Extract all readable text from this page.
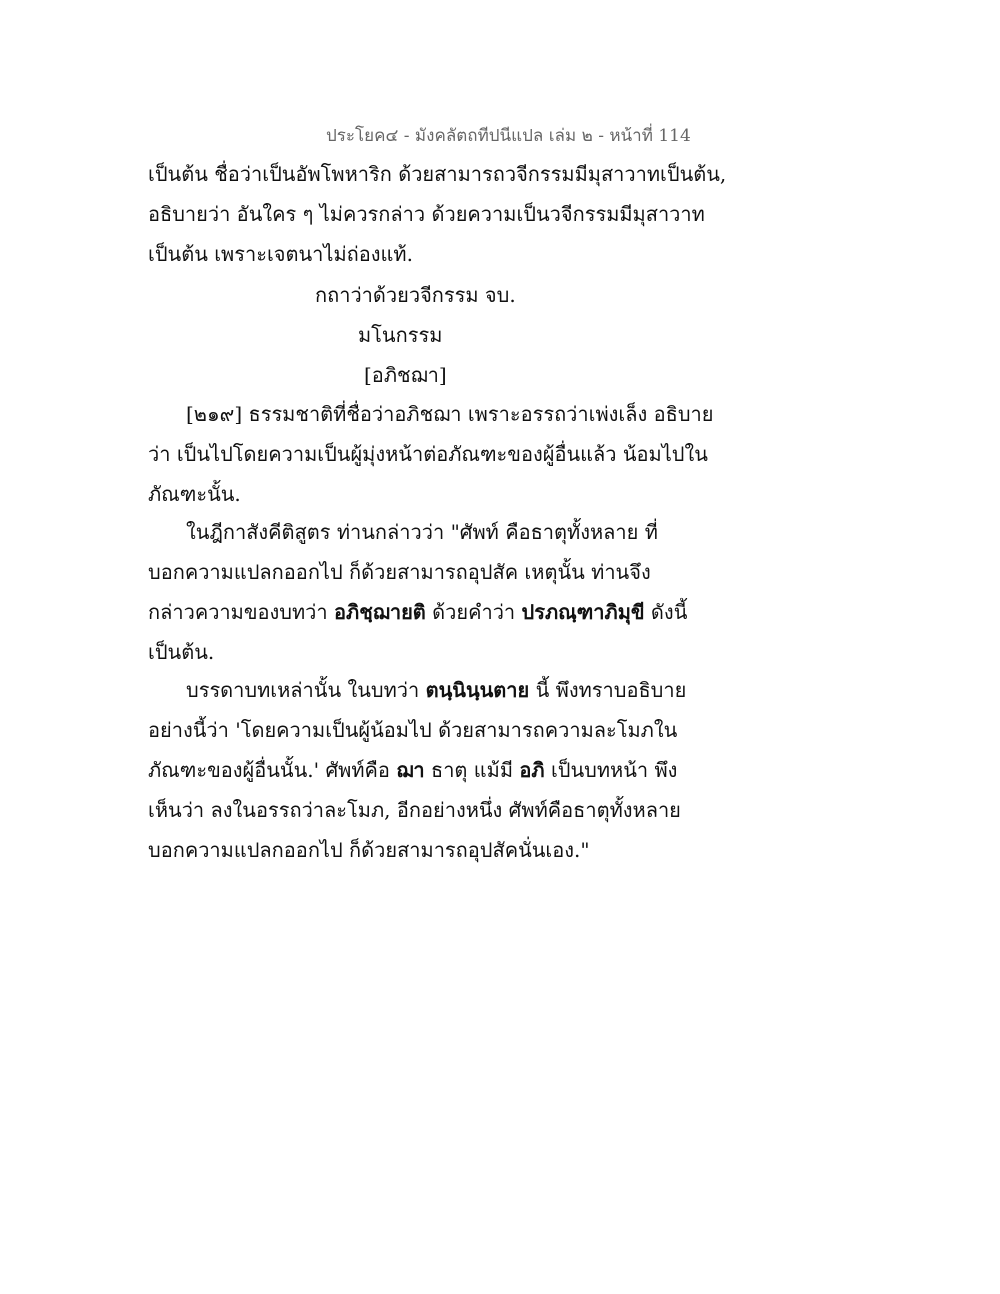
ประโยค๔ - มังคลัตถทีปนีแปล เล่ม ๒ - หน้าที่ 114
เป็นต้น ชื่อว่าเป็นอัพโพหาริก ด้วยสามารถวจีกรรมมีมุสาวาทเป็นต้น,
อธิบายว่า อันใคร ๆ ไม่ควรกล่าว ด้วยความเป็นวจีกรรมมีมุสาวาท
เป็นต้น เพราะเจตนาไม่ถ่องแท้.
กถาว่าด้วยวจีกรรม จบ.
มโนกรรม
[อภิชฌา]
[๒๑๙] ธรรมชาติที่ชื่อว่าอภิชฌา เพราะอรรถว่าเพ่งเล็ง อธิบาย
ว่า เป็นไปโดยความเป็นผู้มุ่งหน้าต่อภัณฑะของผู้อื่นแล้ว น้อมไปใน
ภัณฑะนั้น.
ในฎีกาสังคีติสูตร ท่านกล่าวว่า "ศัพท์ คือธาตุทั้งหลาย ที่
บอกความแปลกออกไป ก็ด้วยสามารถอุปสัค เหตุนั้น ท่านจึง
กล่าวความของบทว่า อภิชฺฌายติ ด้วยคำว่า ปรภณฺฑาภิมุขี ดังนี้
เป็นต้น.
บรรดาบทเหล่านั้น ในบทว่า ตนฺนินฺนตาย นี้ พึงทราบอธิบาย
อย่างนี้ว่า 'โดยความเป็นผู้น้อมไป ด้วยสามารถความละโมภใน
ภัณฑะของผู้อื่นนั้น.' ศัพท์คือ ฌา ธาตุ แม้มี อภิ เป็นบทหน้า พึง
เห็นว่า ลงในอรรถว่าละโมภ, อีกอย่างหนึ่ง ศัพท์คือธาตุทั้งหลาย
บอกความแปลกออกไป ก็ด้วยสามารถอุปสัคนั่นเอง."
